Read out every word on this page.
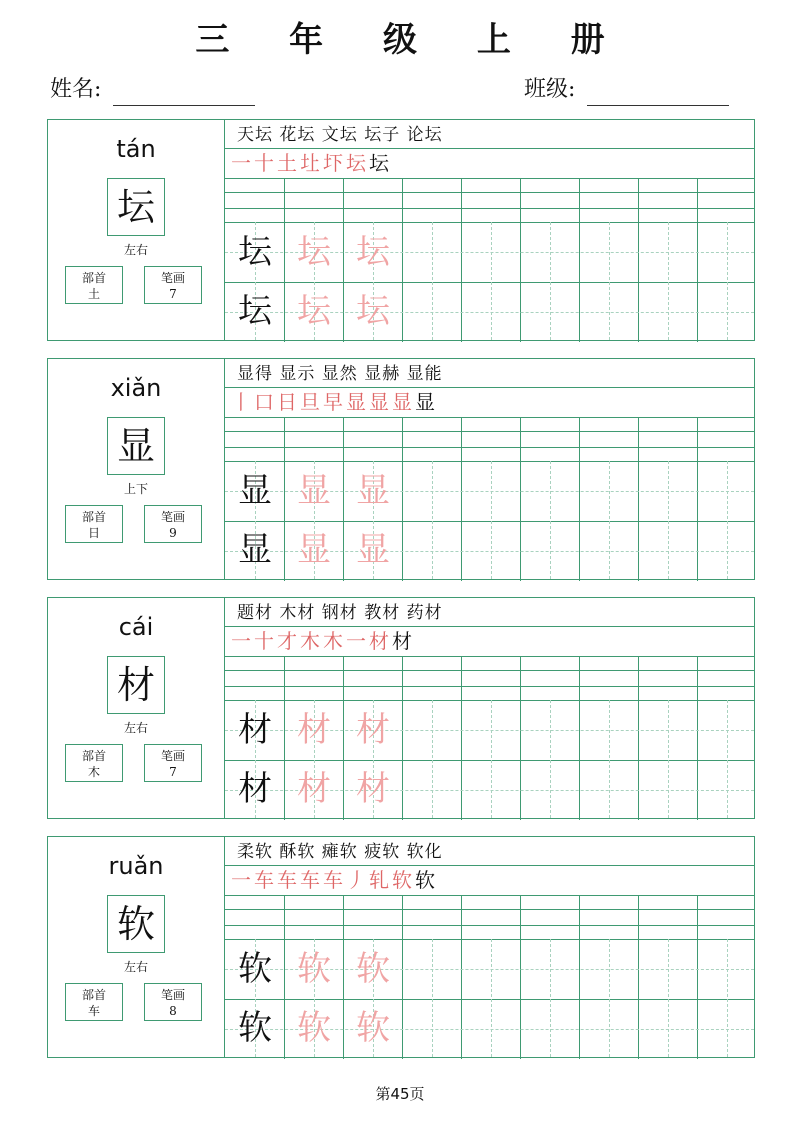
三 年 级 上 册
姓名:	班级:
tán
坛
左右
部首
土
笔画
7
天坛 花坛 文坛 坛子 论坛
一十土圵圷坛坛
坛 坛 坛
坛 坛 坛
xiǎn
显
上下
部首
日
笔画
9
显得 显示 显然 显赫 显能
丨口日旦早显显显显
显 显 显
显 显 显
cái
材
左右
部首
木
笔画
7
题材 木材 钢材 教材 药材
一十才木木一材材
材 材 材
材 材 材
ruǎn
软
左右
部首
车
笔画
8
柔软 酥软 瘫软 疲软 软化
一车车车车丿轧软软
软 软 软
软 软 软
第45页
